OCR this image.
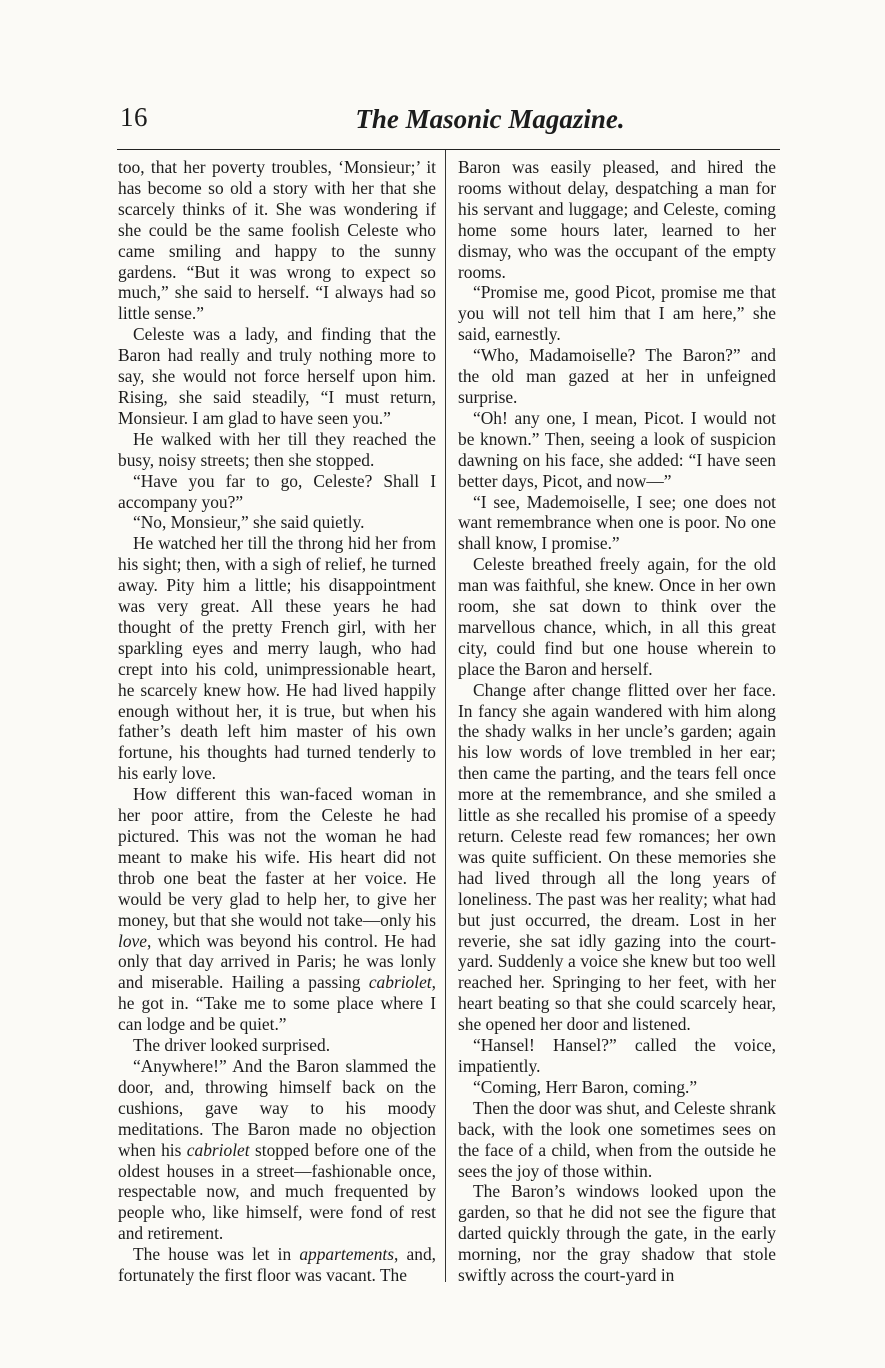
16	The Masonic Magazine.

too, that her poverty troubles, ‘Monsieur;’ it has become so old a story with her that she scarcely thinks of it. She was wondering if she could be the same foolish Celeste who came smiling and happy to the sunny gardens. “But it was wrong to expect so much,” she said to herself. “I always had so little sense.”

Celeste was a lady, and finding that the Baron had really and truly nothing more to say, she would not force herself upon him. Rising, she said steadily, “I must return, Monsieur. I am glad to have seen you.”

He walked with her till they reached the busy, noisy streets; then she stopped.

“Have you far to go, Celeste? Shall I accompany you?”

“No, Monsieur,” she said quietly.

He watched her till the throng hid her from his sight; then, with a sigh of relief, he turned away. Pity him a little; his disappointment was very great. All these years he had thought of the pretty French girl, with her sparkling eyes and merry laugh, who had crept into his cold, unimpressionable heart, he scarcely knew how. He had lived happily enough without her, it is true, but when his father’s death left him master of his own fortune, his thoughts had turned tenderly to his early love.

How different this wan-faced woman in her poor attire, from the Celeste he had pictured. This was not the woman he had meant to make his wife. His heart did not throb one beat the faster at her voice. He would be very glad to help her, to give her money, but that she would not take—only his love, which was beyond his control. He had only that day arrived in Paris; he was lonly and miserable. Hailing a passing cabriolet, he got in. “Take me to some place where I can lodge and be quiet.”

The driver looked surprised.

“Anywhere!” And the Baron slammed the door, and, throwing himself back on the cushions, gave way to his moody meditations. The Baron made no objection when his cabriolet stopped before one of the oldest houses in a street—fashionable once, respectable now, and much frequented by people who, like himself, were fond of rest and retirement.

The house was let in appartements, and, fortunately the first floor was vacant. The

Baron was easily pleased, and hired the rooms without delay, despatching a man for his servant and luggage; and Celeste, coming home some hours later, learned to her dismay, who was the occupant of the empty rooms.

“Promise me, good Picot, promise me that you will not tell him that I am here,” she said, earnestly.

“Who, Madamoiselle? The Baron?” and the old man gazed at her in unfeigned surprise.

“Oh! any one, I mean, Picot. I would not be known.” Then, seeing a look of suspicion dawning on his face, she added: “I have seen better days, Picot, and now—”

“I see, Mademoiselle, I see; one does not want remembrance when one is poor. No one shall know, I promise.”

Celeste breathed freely again, for the old man was faithful, she knew. Once in her own room, she sat down to think over the marvellous chance, which, in all this great city, could find but one house wherein to place the Baron and herself.

Change after change flitted over her face. In fancy she again wandered with him along the shady walks in her uncle’s garden; again his low words of love trembled in her ear; then came the parting, and the tears fell once more at the remembrance, and she smiled a little as she recalled his promise of a speedy return. Celeste read few romances; her own was quite sufficient. On these memories she had lived through all the long years of loneliness. The past was her reality; what had but just occurred, the dream. Lost in her reverie, she sat idly gazing into the court-yard. Suddenly a voice she knew but too well reached her. Springing to her feet, with her heart beating so that she could scarcely hear, she opened her door and listened.

“Hansel! Hansel?” called the voice, impatiently.

“Coming, Herr Baron, coming.”

Then the door was shut, and Celeste shrank back, with the look one sometimes sees on the face of a child, when from the outside he sees the joy of those within.

The Baron’s windows looked upon the garden, so that he did not see the figure that darted quickly through the gate, in the early morning, nor the gray shadow that stole swiftly across the court-yard in
